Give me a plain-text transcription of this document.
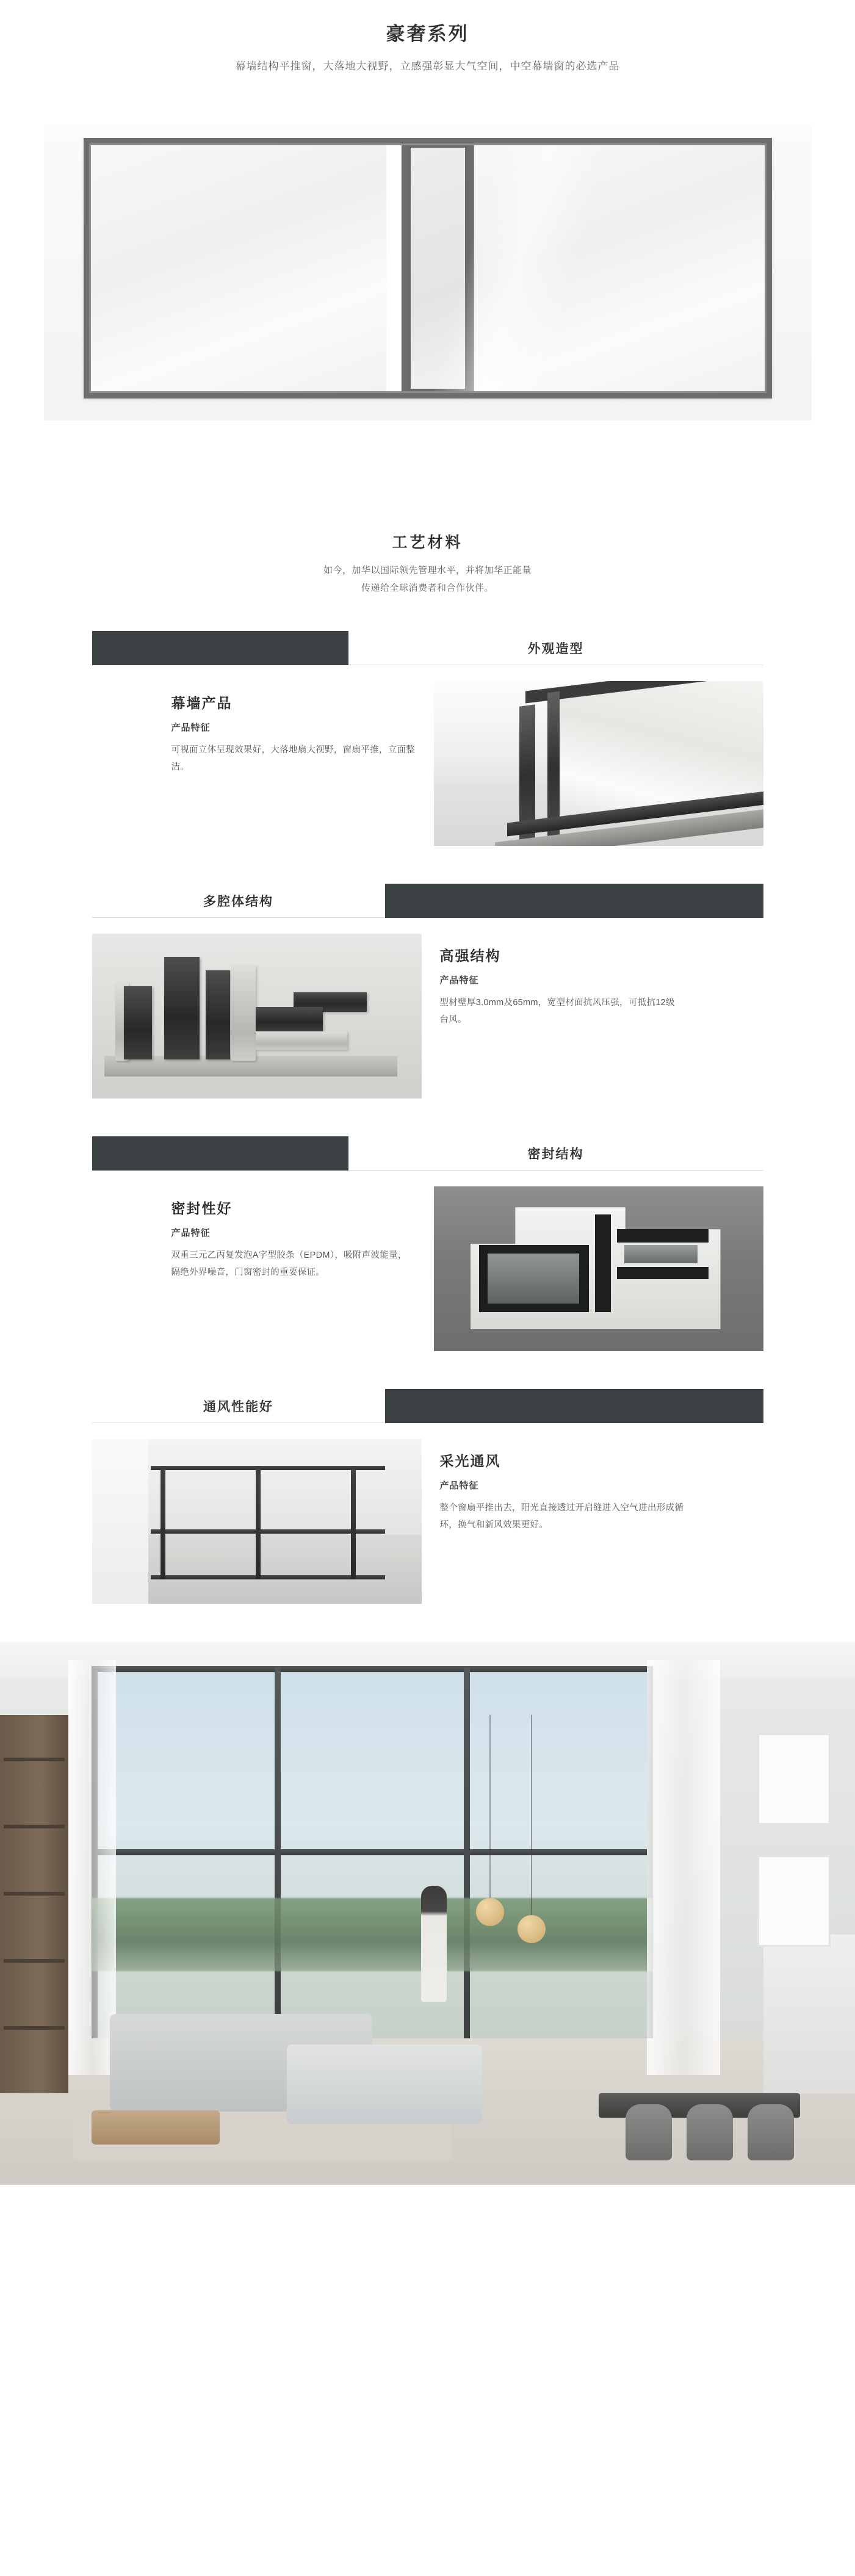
豪奢系列
幕墙结构平推窗，大落地大视野，立感强彰显大气空间，中空幕墙窗的必选产品
工艺材料
如今，加华以国际领先管理水平，并将加华正能量
传递给全球消费者和合作伙伴。
外观造型
幕墙产品
产品特征

可视面立体呈现效果好，大落地扇大视野，窗扇平推，立面整洁。

多腔体结构
高强结构
产品特征

型材壁厚3.0mm及65mm，宽型材面抗风压强，可抵抗12级台风。

密封结构
密封性好
产品特征

双重三元乙丙复发泡A字型胶条（EPDM），吸附声波能量，隔绝外界噪音，门窗密封的重要保证。

通风性能好
采光通风
产品特征

整个窗扇平推出去，阳光直接透过开启缝进入空气进出形成循环，换气和新风效果更好。
